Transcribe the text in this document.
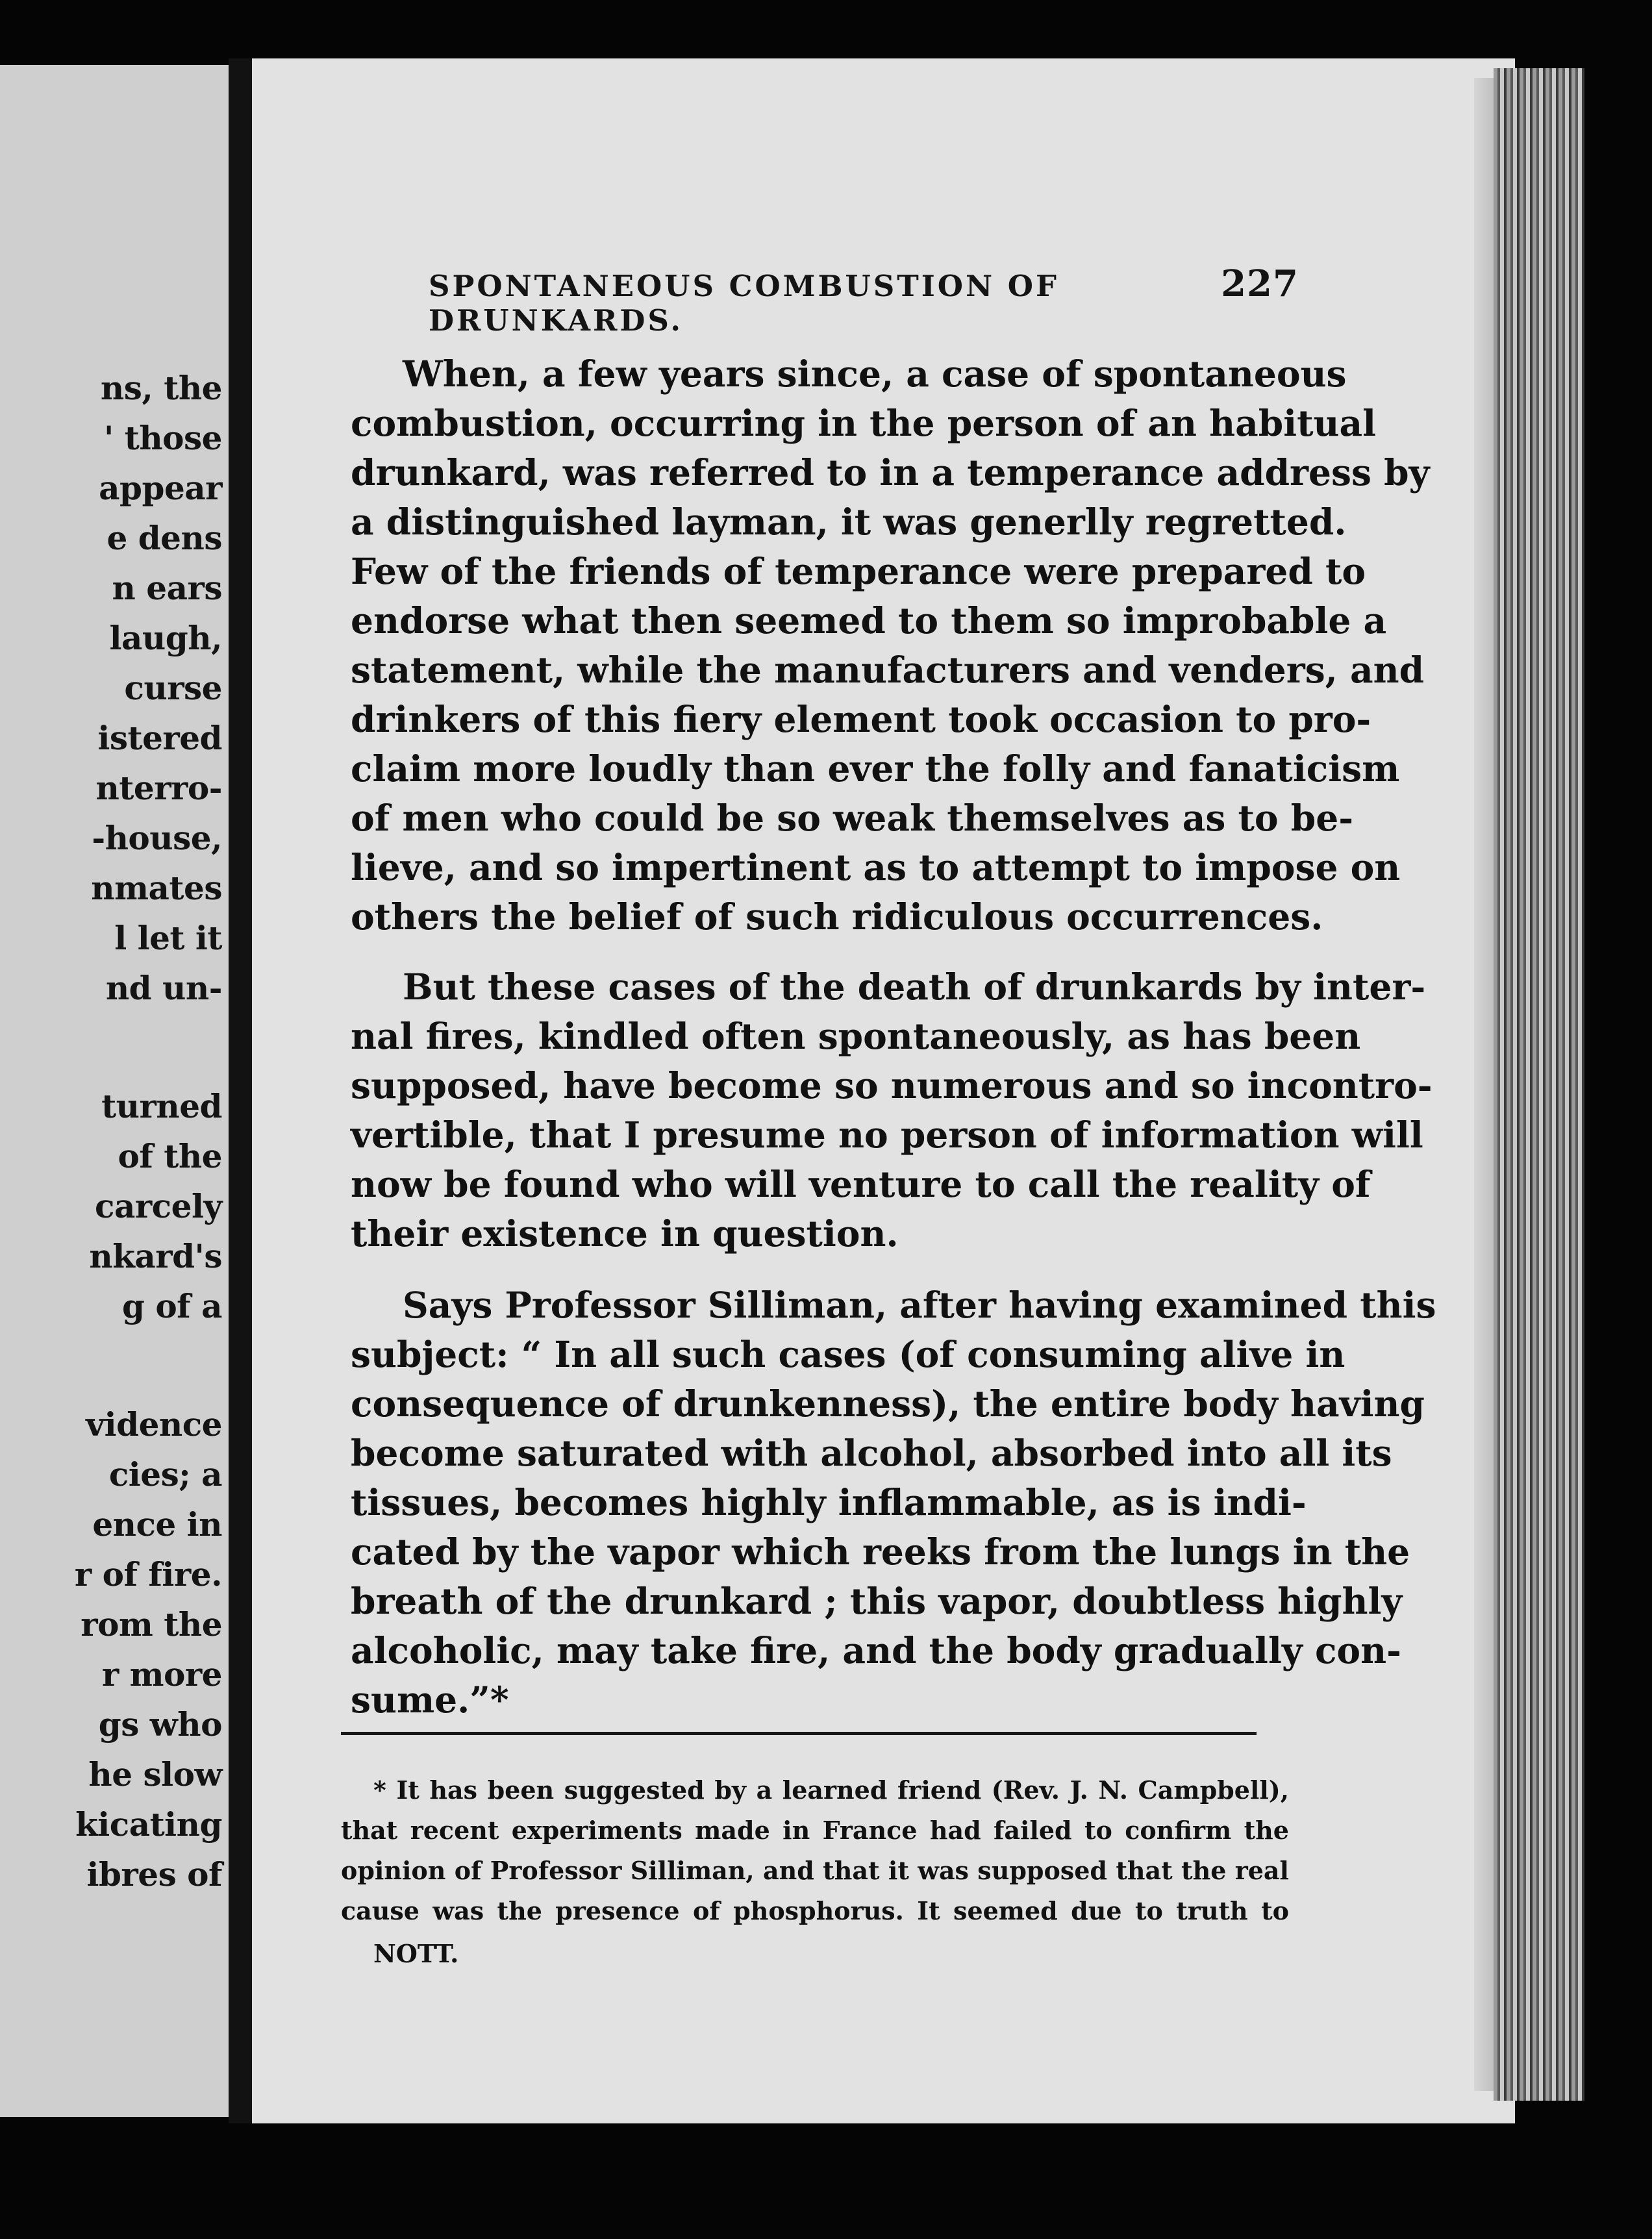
ns, the
' those
appear
e dens
n ears
laugh,
curse
istered
nterro-
-house,
nmates
l let it
nd un-
turned
of the
carcely
nkard's
g of a
vidence
cies; a
ence in
r of fire.
rom the
r more
gs who
he slow
kicating
ibres of
SPONTANEOUS COMBUSTION OF DRUNKARDS.
227
When, a few years since, a case of spontaneous
combustion, occurring in the person of an habitual
drunkard, was referred to in a temperance address by
a distinguished layman, it was generlly regretted.
Few of the friends of temperance were prepared to
endorse what then seemed to them so improbable a
statement, while the manufacturers and venders, and
drinkers of this fiery element took occasion to pro-
claim more loudly than ever the folly and fanaticism
of men who could be so weak themselves as to be-
lieve, and so impertinent as to attempt to impose on
others the belief of such ridiculous occurrences.
But these cases of the death of drunkards by inter-
nal fires, kindled often spontaneously, as has been
supposed, have become so numerous and so incontro-
vertible, that I presume no person of information will
now be found who will venture to call the reality of
their existence in question.
Says Professor Silliman, after having examined this
subject: “ In all such cases (of consuming alive in
consequence of drunkenness), the entire body having
become saturated with alcohol, absorbed into all its
tissues, becomes highly inflammable, as is indi-
cated by the vapor which reeks from the lungs in the
breath of the drunkard ; this vapor, doubtless highly
alcoholic, may take fire, and the body gradually con-
sume.”*
* It has been suggested by a learned friend (Rev. J. N. Campbell),
that recent experiments made in France had failed to confirm the
opinion of Professor Silliman, and that it was supposed that the real
cause was the presence of phosphorus. It seemed due to truth to
NOTT.
